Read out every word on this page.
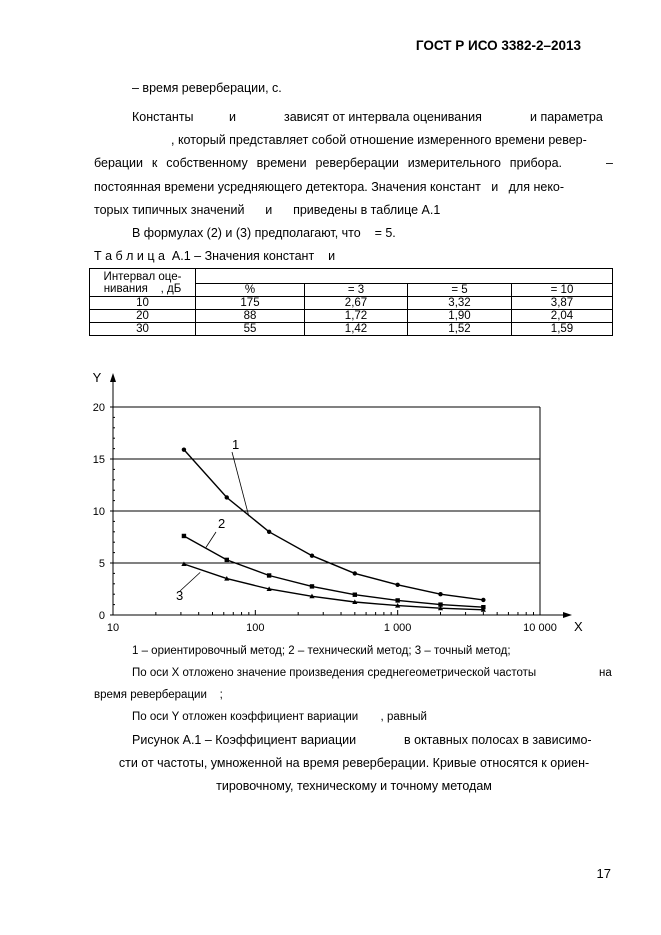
ГОСТ Р ИСО 3382-2–2013
– время реверберации, с.
Константы	и	зависят от интервала оценивания	и параметра
, который представляет собой отношение измеренного времени ревер-
берации к собственному времени реверберации измерительного прибора.	–
постоянная времени усредняющего детектора. Значения констант   и   для неко-
торых типичных значений      и      приведены в таблице А.1
В формулах (2) и (3) предполагают, что    = 5.
Т а б л и ц а  А.1 – Значения констант    и
Интервал оце-
нивания    , дБ				

	%	= 3	= 5	= 10
10	175	2,67	3,32	3,87
20	88	1,72	1,90	2,04
30	55	1,42	1,52	1,59
0
5
10
15
20
10	100	1 000	10 000 X
Y
1
2
3
1 – ориентировочный метод; 2 – технический метод; 3 – точный метод;
По оси X отложено значение произведения среднегеометрической частоты	на
время реверберации    ;
По оси Y отложен коэффициент вариации       , равный
Рисунок А.1 – Коэффициент вариации	в октавных полосах в зависимо-
сти от частоты, умноженной на время реверберации. Кривые относятся к ориен-
тировочному, техническому и точному методам
17
